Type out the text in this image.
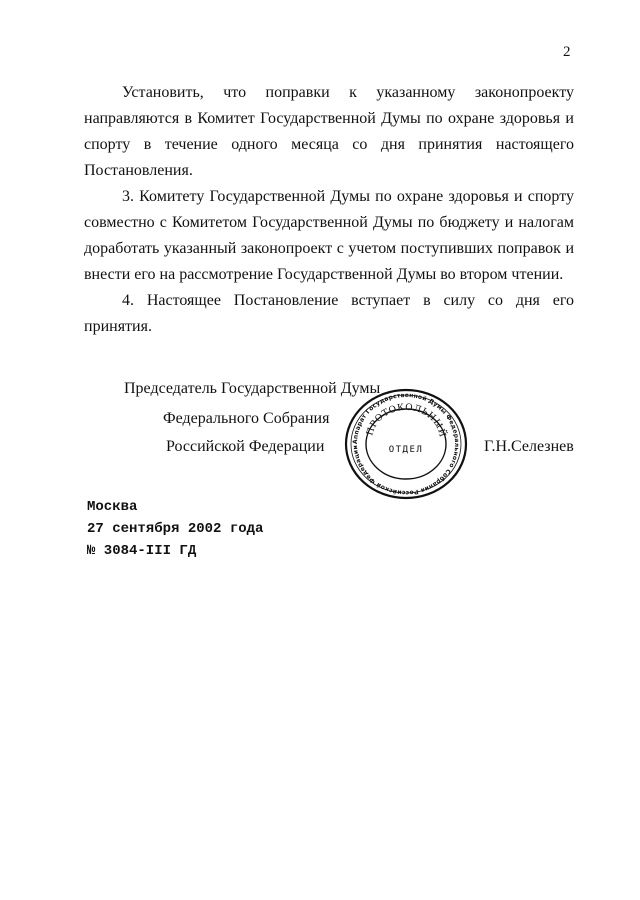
2

Установить, что поправки к указанному законопроекту направляются в Комитет Государственной Думы по охране здоровья и спорту в течение одного месяца со дня принятия настоящего Постановления.

3. Комитету Государственной Думы по охране здоровья и спорту совместно с Комитетом Государственной Думы по бюджету и налогам доработать указанный законопроект с учетом поступивших поправок и внести его на рассмотрение Государственной Думы во втором чтении.

4. Настоящее Постановление вступает в силу со дня его принятия.

Председатель Государственной Думы
Федерального Собрания
Российской Федерации	Г.Н.Селезнев
Аппарат Государственной Думы Федерального Собрания Российской Федерации
ПРОТОКОЛЬНЫЙ
ОТДЕЛ
Москва
27 сентября 2002 года
№ 3084-III ГД
